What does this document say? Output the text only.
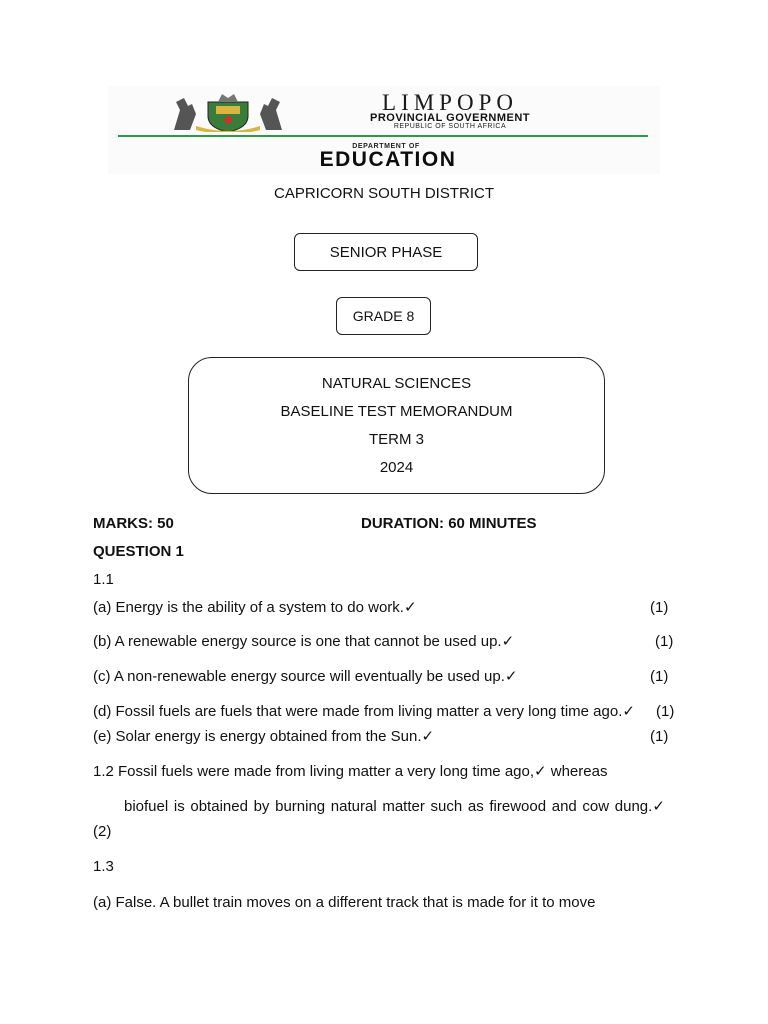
LIMPOPO
PROVINCIAL GOVERNMENT
REPUBLIC OF SOUTH AFRICA
DEPARTMENT OF
EDUCATION
CAPRICORN SOUTH DISTRICT
SENIOR PHASE
GRADE 8
NATURAL SCIENCES
BASELINE TEST MEMORANDUM
TERM 3
2024
MARKS: 50	DURATION: 60 MINUTES
QUESTION 1
1.1
(a) Energy is the ability of a system to do work.✓	(1)
(b) A renewable energy source is one that cannot be used up.✓	(1)
(c) A non-renewable energy source will eventually be used up.✓	(1)
(d) Fossil fuels are fuels that were made from living matter a very long time ago.✓ (1)
(e) Solar energy is energy obtained from the Sun.✓	(1)
1.2 Fossil fuels were made from living matter a very long time ago,✓ whereas
biofuel is obtained by burning natural matter such as firewood and cow dung.✓
(2)
1.3
(a) False. A bullet train moves on a different track that is made for it to move
